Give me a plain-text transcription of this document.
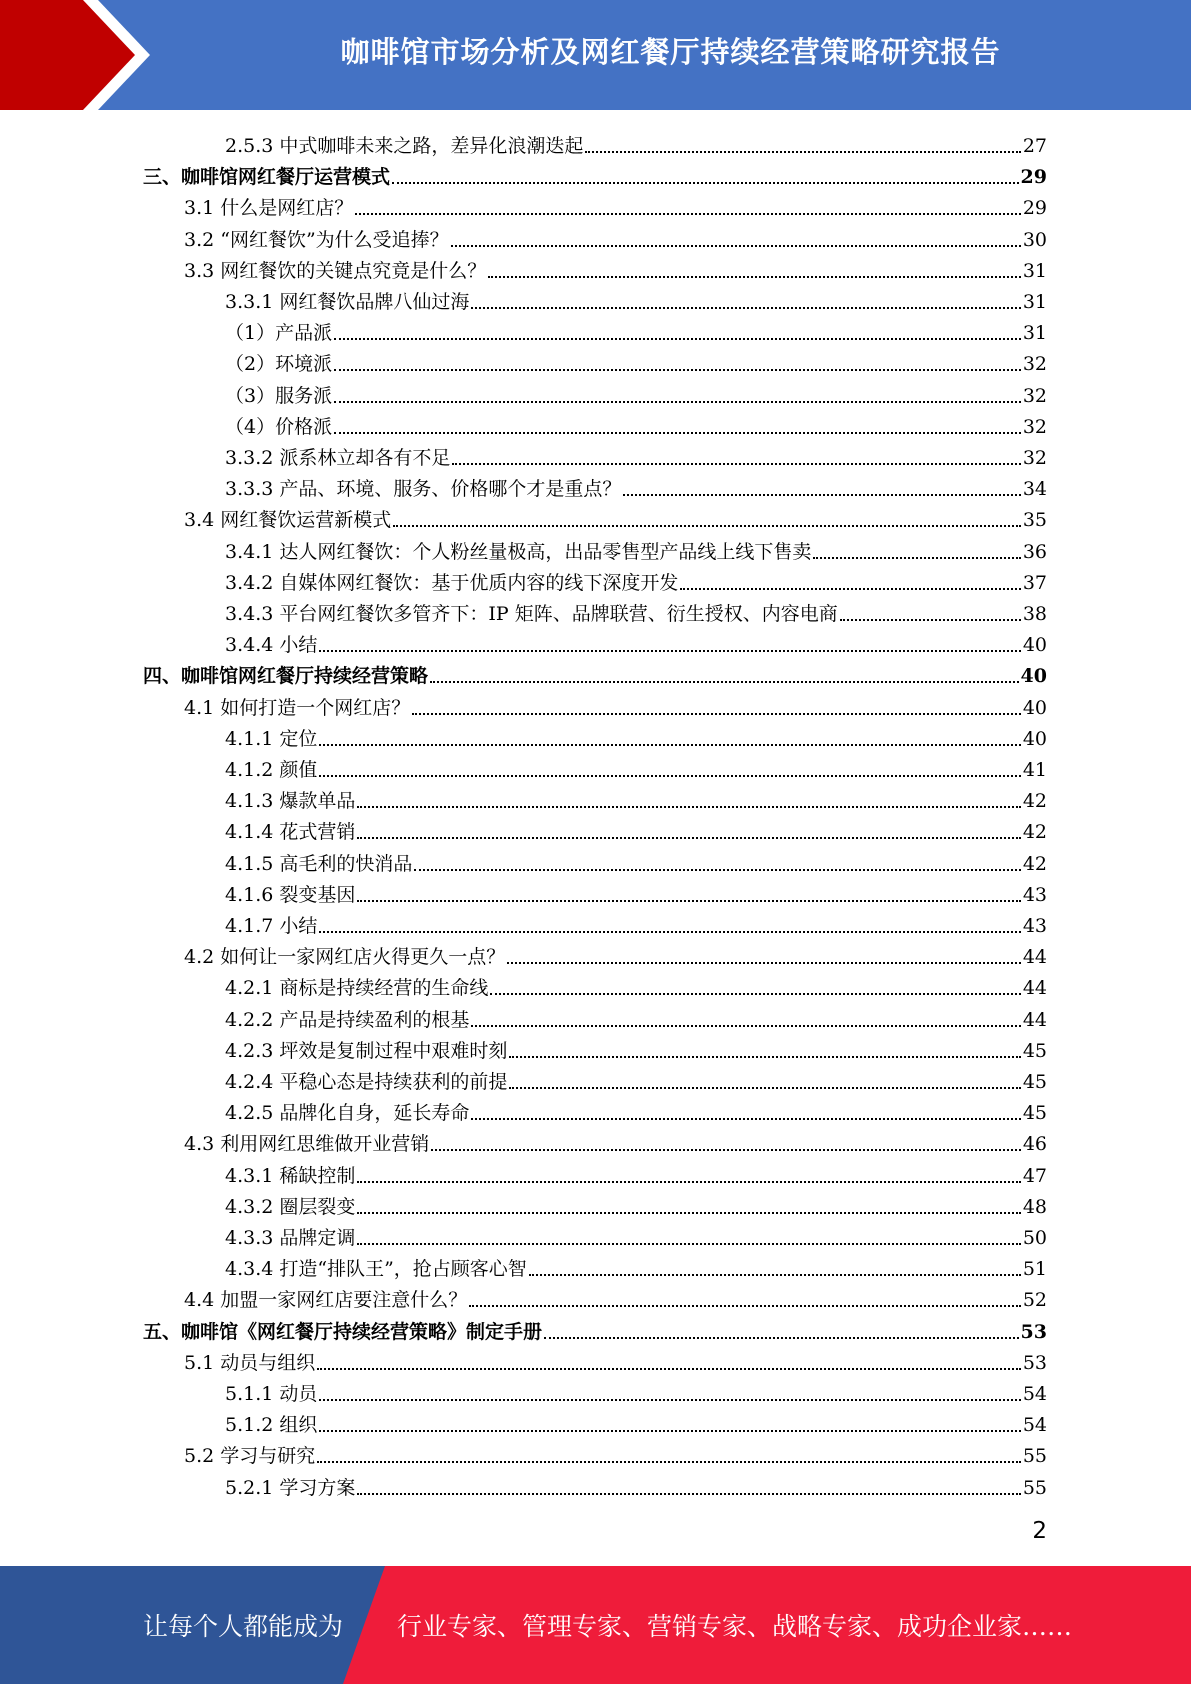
咖啡馆市场分析及网红餐厅持续经营策略研究报告
2.5.3 中式咖啡未来之路，差异化浪潮迭起	27
三、咖啡馆网红餐厅运营模式	29
3.1 什么是网红店？	29
3.2 “网红餐饮”为什么受追捧？	30
3.3 网红餐饮的关键点究竟是什么？	31
3.3.1 网红餐饮品牌八仙过海	31
（1）产品派	31
（2）环境派	32
（3）服务派	32
（4）价格派	32
3.3.2 派系林立却各有不足	32
3.3.3 产品、环境、服务、价格哪个才是重点？	34
3.4 网红餐饮运营新模式	35
3.4.1 达人网红餐饮：个人粉丝量极高，出品零售型产品线上线下售卖	36
3.4.2 自媒体网红餐饮：基于优质内容的线下深度开发	37
3.4.3 平台网红餐饮多管齐下：IP 矩阵、品牌联营、衍生授权、内容电商	38
3.4.4 小结	40
四、咖啡馆网红餐厅持续经营策略	40
4.1 如何打造一个网红店？	40
4.1.1 定位	40
4.1.2 颜值	41
4.1.3 爆款单品	42
4.1.4 花式营销	42
4.1.5 高毛利的快消品	42
4.1.6 裂变基因	43
4.1.7 小结	43
4.2 如何让一家网红店火得更久一点？	44
4.2.1 商标是持续经营的生命线	44
4.2.2 产品是持续盈利的根基	44
4.2.3 坪效是复制过程中艰难时刻	45
4.2.4 平稳心态是持续获利的前提	45
4.2.5 品牌化自身，延长寿命	45
4.3 利用网红思维做开业营销	46
4.3.1 稀缺控制	47
4.3.2 圈层裂变	48
4.3.3 品牌定调	50
4.3.4 打造“排队王”，抢占顾客心智	51
4.4 加盟一家网红店要注意什么？	52
五、咖啡馆《网红餐厅持续经营策略》制定手册	53
5.1 动员与组织	53
5.1.1 动员	54
5.1.2 组织	54
5.2 学习与研究	55
5.2.1 学习方案	55
2
让每个人都能成为 行业专家、管理专家、营销专家、战略专家、成功企业家……
